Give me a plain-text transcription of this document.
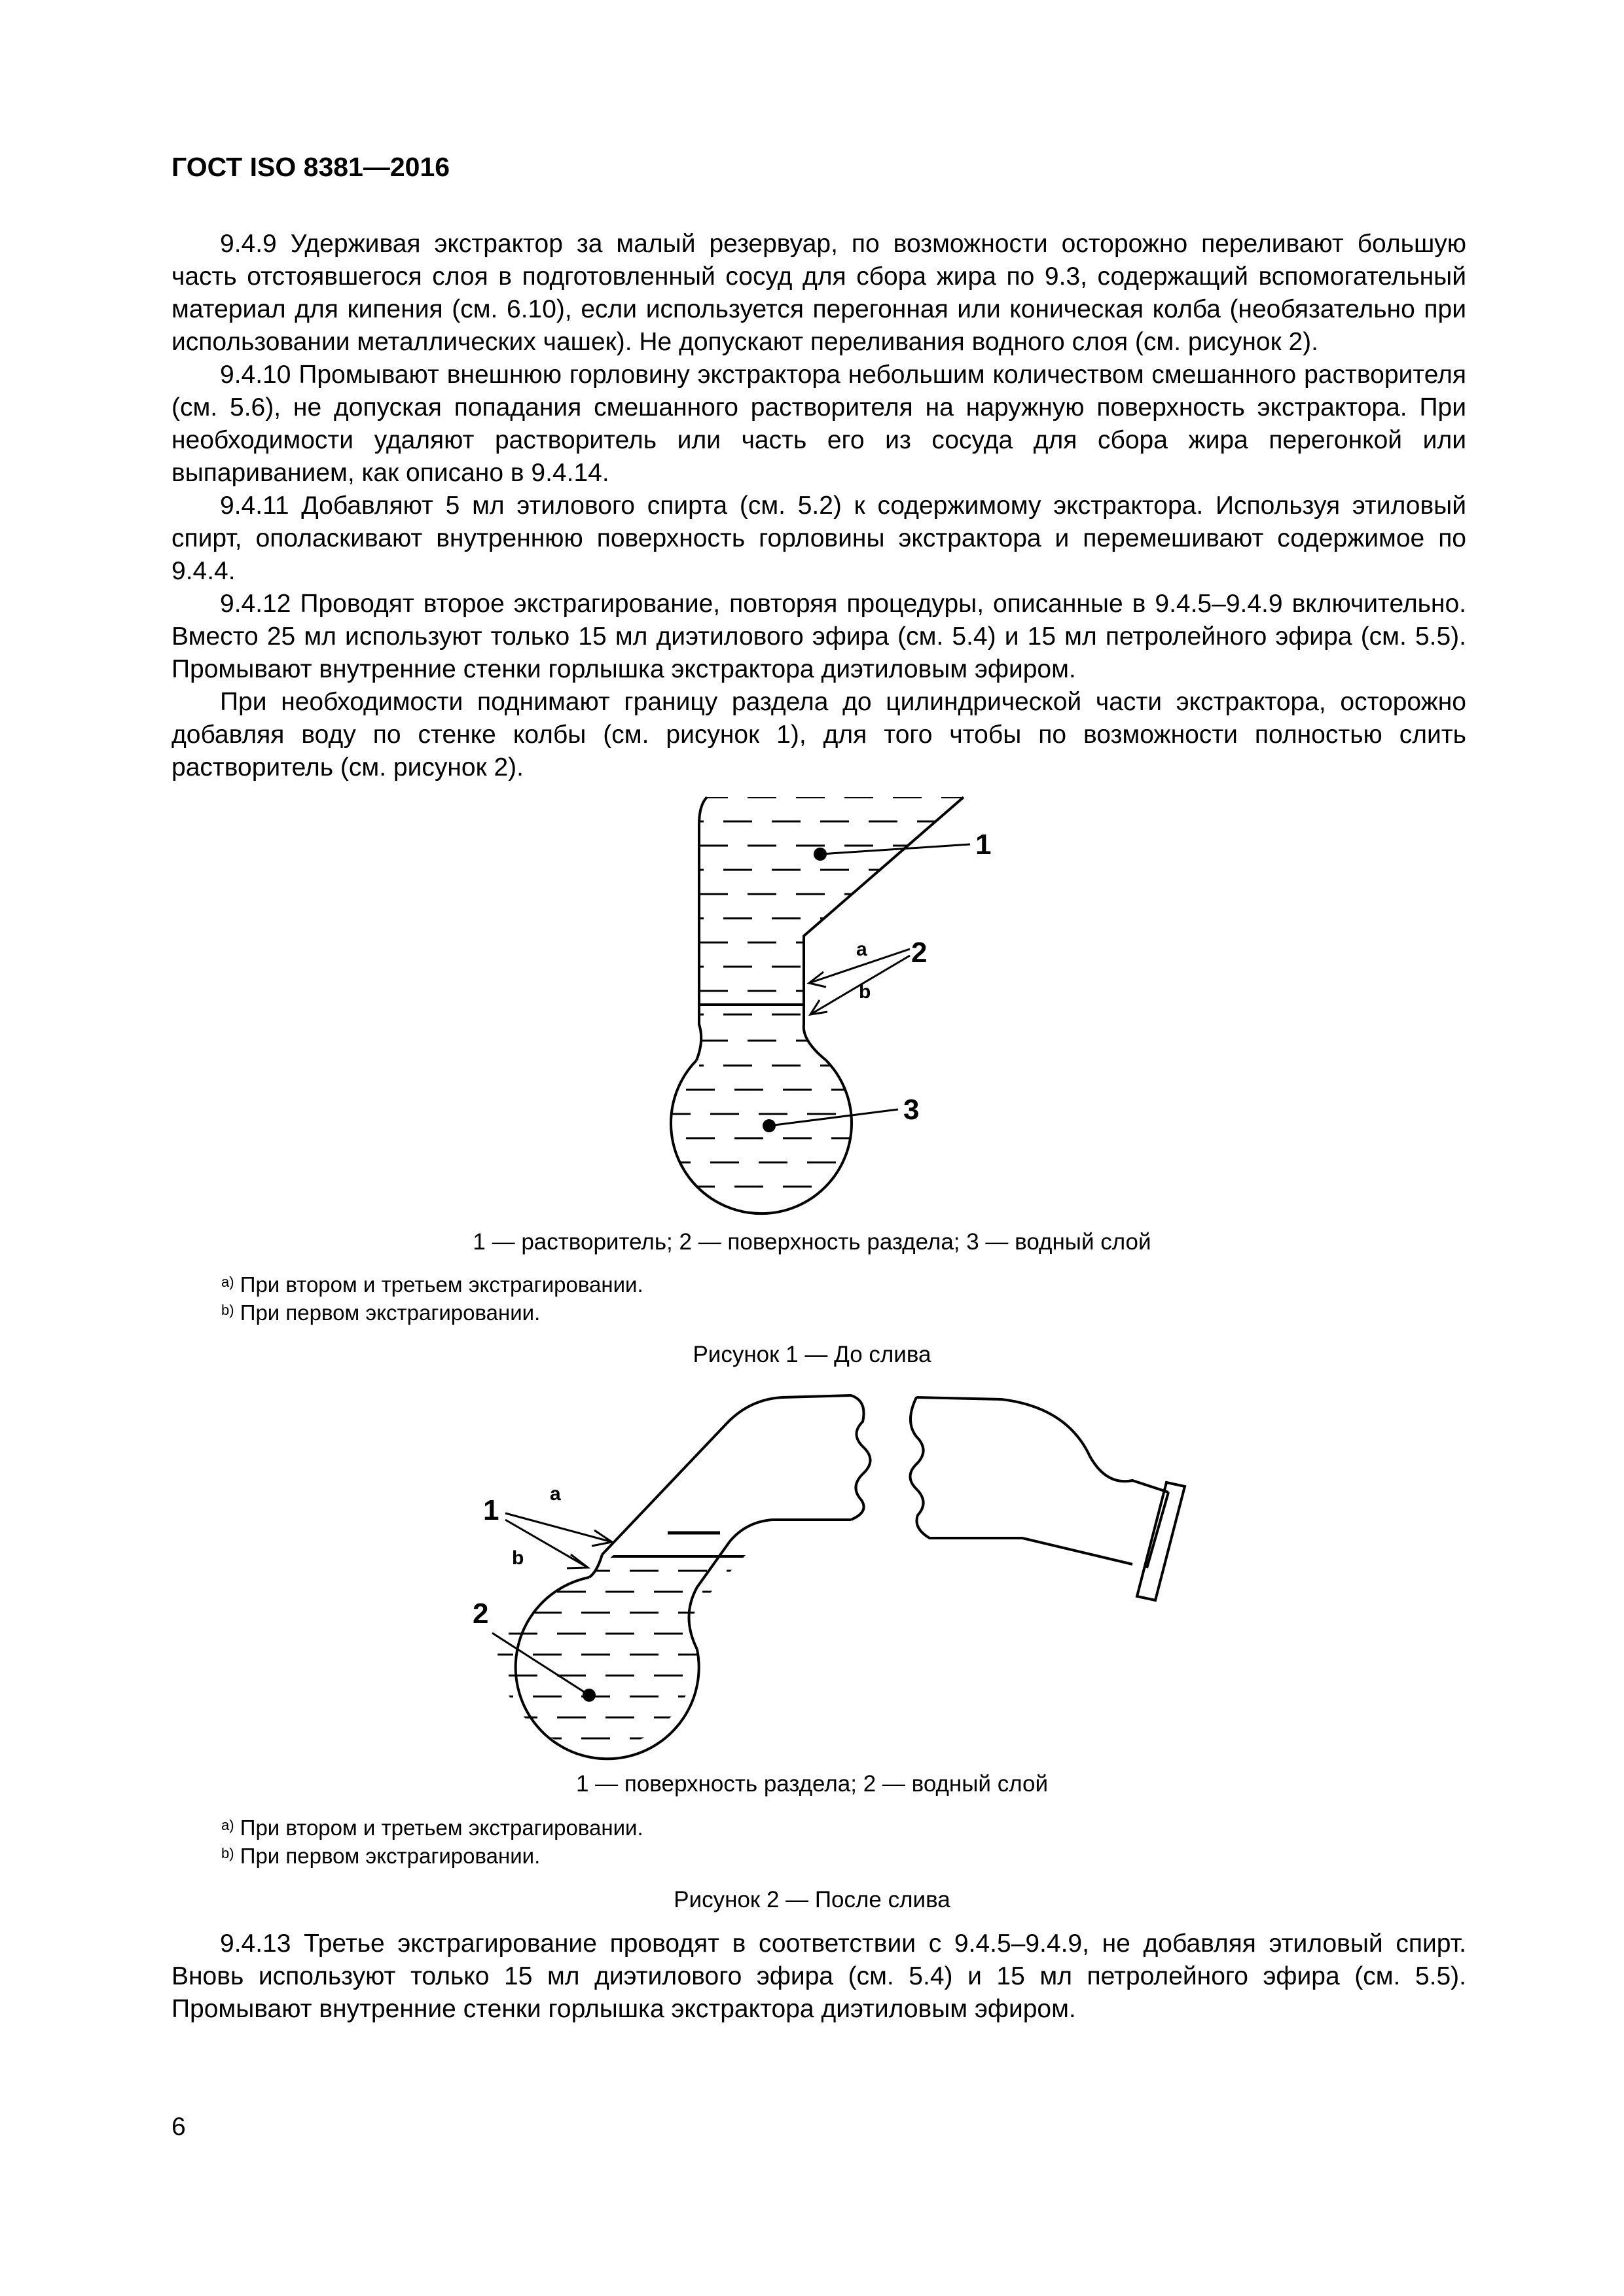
ГОСТ ISO 8381—2016

9.4.9 Удерживая экстрактор за малый резервуар, по возможности осторожно переливают большую часть отстоявшегося слоя в подготовленный сосуд для сбора жира по 9.3, содержащий вспомогательный материал для кипения (см. 6.10), если используется перегонная или коническая колба (необязательно при использовании металлических чашек). Не допускают переливания водного слоя (см. рисунок 2).

9.4.10 Промывают внешнюю горловину экстрактора небольшим количеством смешанного растворителя (см. 5.6), не допуская попадания смешанного растворителя на наружную поверхность экстрактора. При необходимости удаляют растворитель или часть его из сосуда для сбора жира перегонкой или выпариванием, как описано в 9.4.14.

9.4.11 Добавляют 5 мл этилового спирта (см. 5.2) к содержимому экстрактора. Используя этиловый спирт, ополаскивают внутреннюю поверхность горловины экстрактора и перемешивают содержимое по 9.4.4.

9.4.12 Проводят второе экстрагирование, повторяя процедуры, описанные в 9.4.5–9.4.9 включительно. Вместо 25 мл используют только 15 мл диэтилового эфира (см. 5.4) и 15 мл петролейного эфира (см. 5.5). Промывают внутренние стенки горлышка экстрактора диэтиловым эфиром.

При необходимости поднимают границу раздела до цилиндрической части экстрактора, осторожно добавляя воду по стенке колбы (см. рисунок 1), для того чтобы по возможности полностью слить растворитель (см. рисунок 2).

1
2
3
a
b
1
2
a
b
1 — растворитель; 2 — поверхность раздела; 3 — водный слой
$^{a)}$ При втором и третьем экстрагировании.
$^{b)}$ При первом экстрагировании.
Рисунок 1 — До слива
1 — поверхность раздела; 2 — водный слой
$^{a)}$ При втором и третьем экстрагировании.
$^{b)}$ При первом экстрагировании.
Рисунок 2 — После слива

9.4.13 Третье экстрагирование проводят в соответствии с 9.4.5–9.4.9, не добавляя этиловый спирт. Вновь используют только 15 мл диэтилового эфира (см. 5.4) и 15 мл петролейного эфира (см. 5.5). Промывают внутренние стенки горлышка экстрактора диэтиловым эфиром.

6
